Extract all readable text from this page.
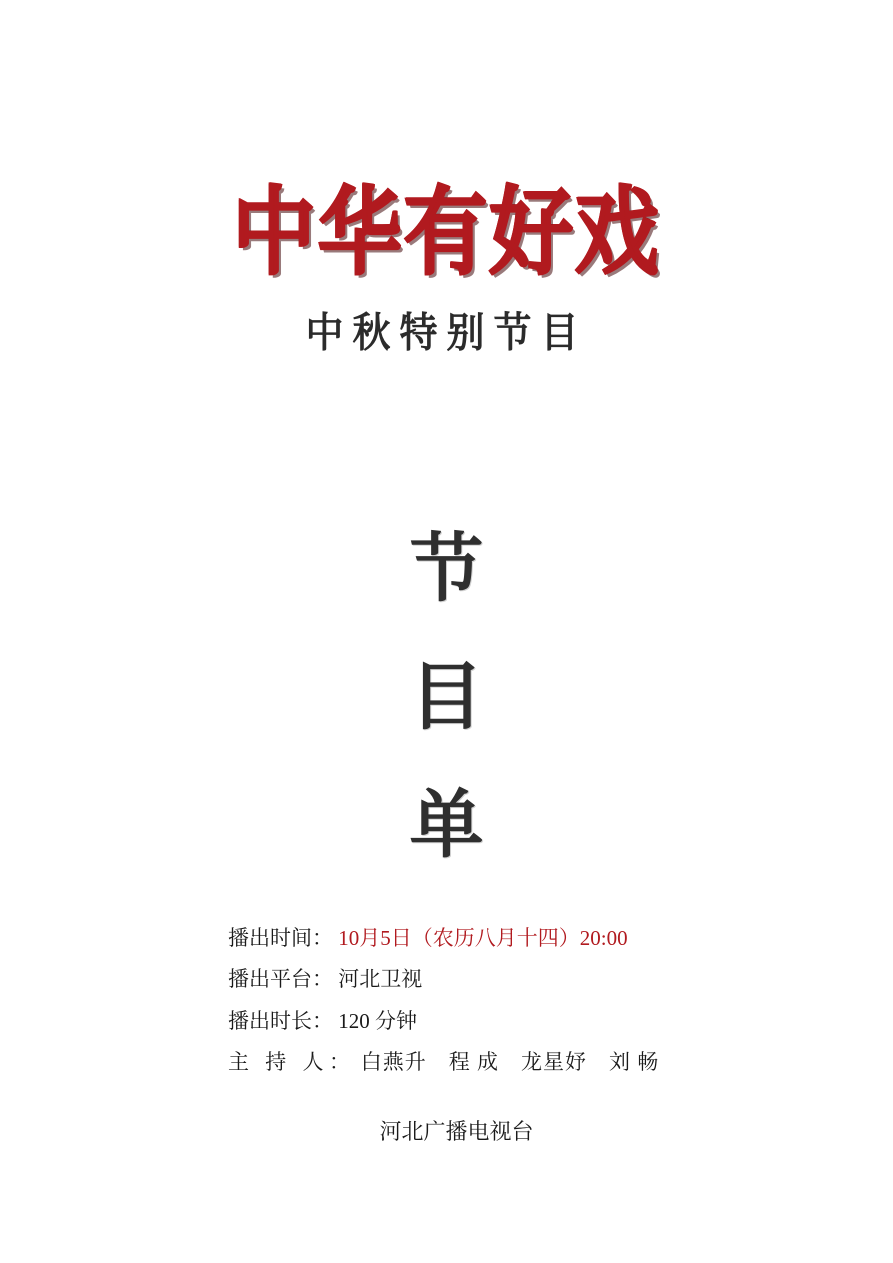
中华有好戏
中秋特别节目
节
目
单
播出时间： 10月5日（农历八月十四）20:00
播出平台： 河北卫视
播出时长： 120 分钟
主 持 人： 白燕升　程 成　龙星妤　刘 畅
河北广播电视台
